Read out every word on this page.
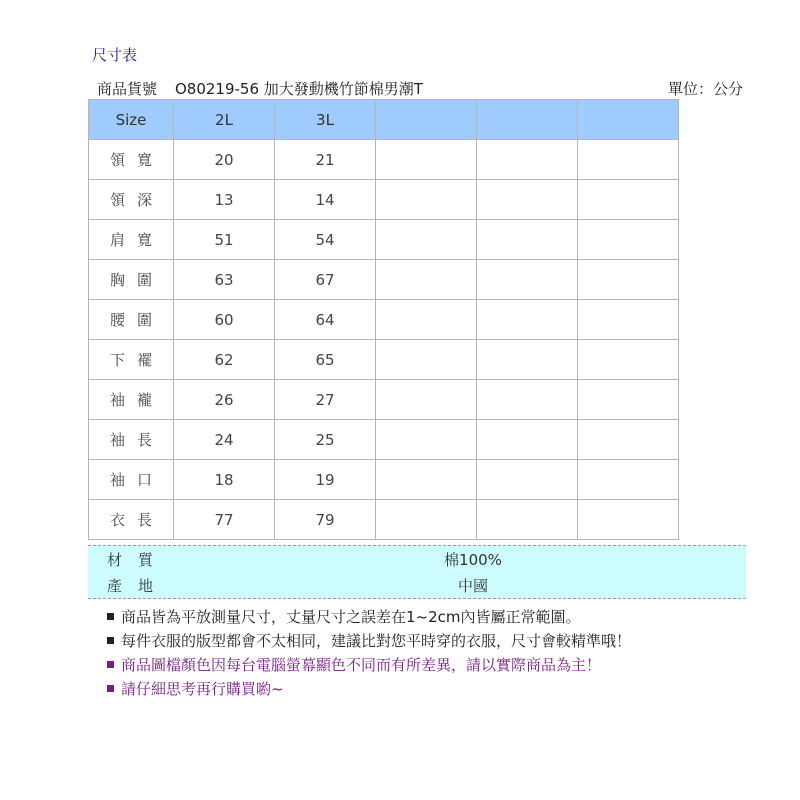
尺寸表
商品貨號 O80219-56 加大發動機竹節棉男潮T	單位：公分
Size	2L	3L			
領寬	20	21			
領深	13	14			
肩寬	51	54			
胸圍	63	67			
腰圍	60	64			
下襬	62	65			
袖襱	26	27			
袖長	24	25			
袖口	18	19			
衣長	77	79			
材質	棉100%
產地	中國
商品皆為平放測量尺寸，丈量尺寸之誤差在1~2cm內皆屬正常範圍。
每件衣服的版型都會不太相同，建議比對您平時穿的衣服，尺寸會較精準哦！
商品圖檔顏色因每台電腦螢幕顯色不同而有所差異，請以實際商品為主！
請仔細思考再行購買喲~
